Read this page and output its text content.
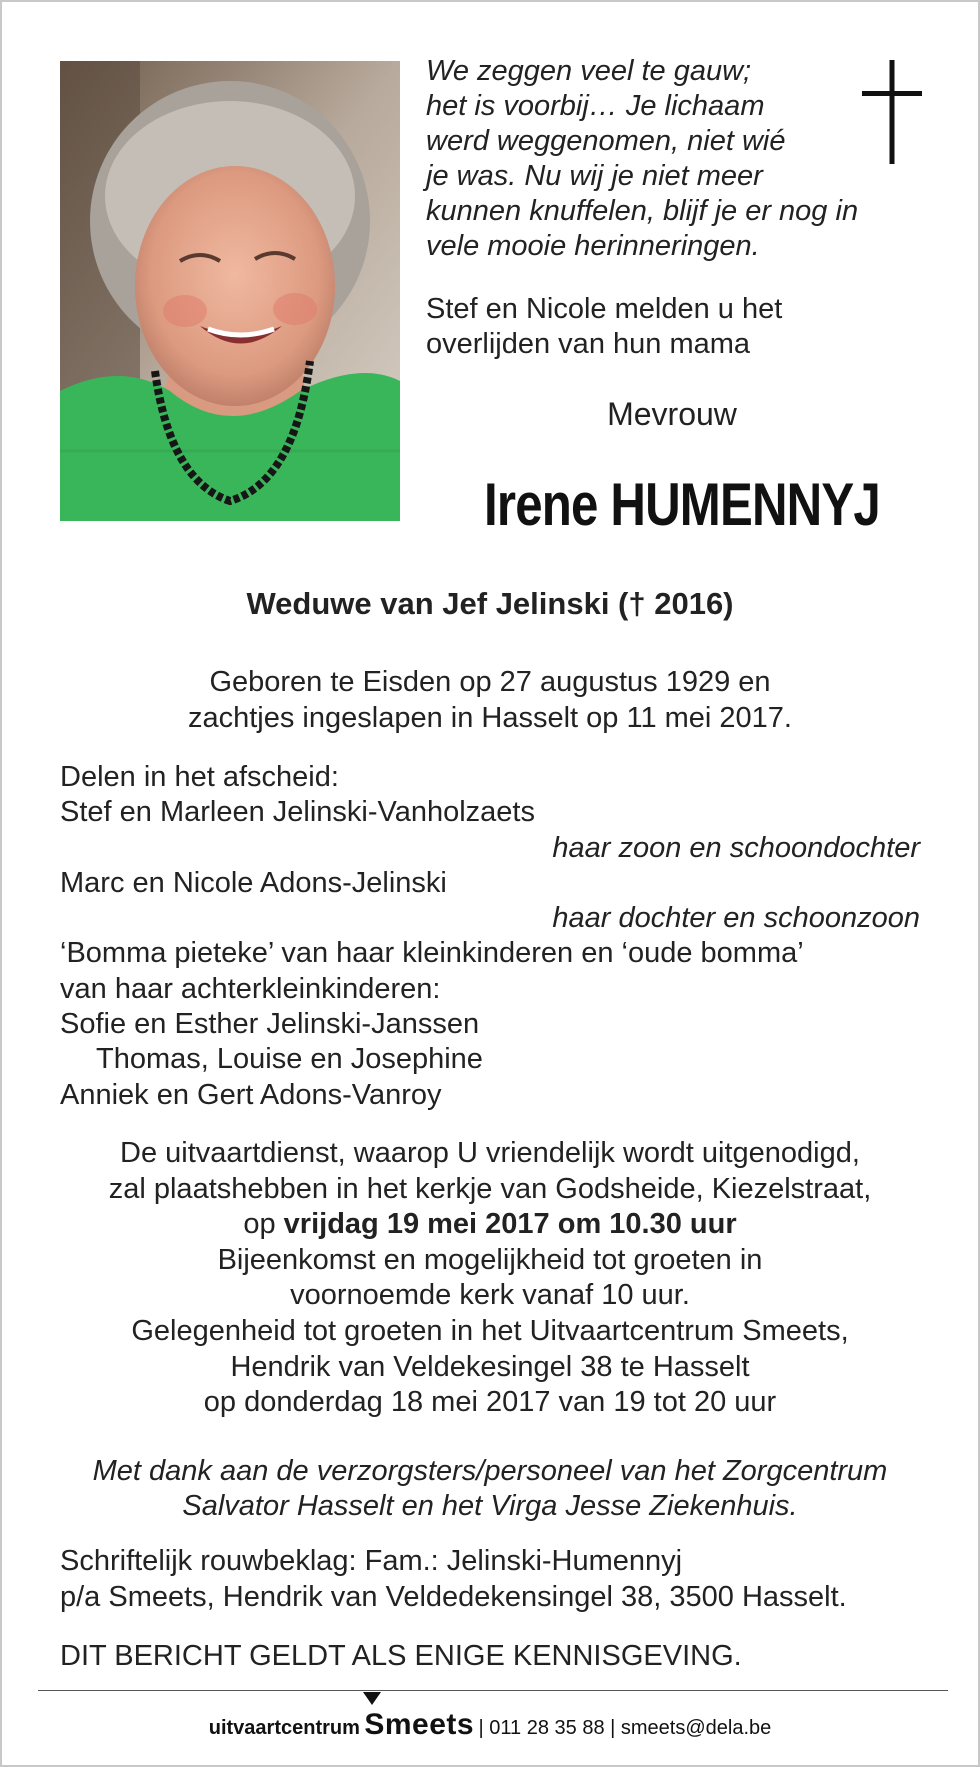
We zeggen veel te gauw;
het is voorbij… Je lichaam
werd weggenomen, niet wié
je was. Nu wij je niet meer
kunnen knuffelen, blijf je er nog in
vele mooie herinneringen.
Stef en Nicole melden u het
overlijden van hun mama
Mevrouw
Irene HUMENNYJ
Weduwe van Jef Jelinski († 2016)
Geboren te Eisden op 27 augustus 1929 en
zachtjes ingeslapen in Hasselt op 11 mei 2017.
Delen in het afscheid:
Stef en Marleen Jelinski-Vanholzaets
haar zoon en schoondochter
Marc en Nicole Adons-Jelinski
haar dochter en schoonzoon
‘Bomma pieteke’ van haar kleinkinderen en ‘oude bomma’
van haar achterkleinkinderen:
Sofie en Esther Jelinski-Janssen
Thomas, Louise en Josephine
Anniek en Gert Adons-Vanroy
De uitvaartdienst, waarop U vriendelijk wordt uitgenodigd,
zal plaatshebben in het kerkje van Godsheide, Kiezelstraat,
op vrijdag 19 mei 2017 om 10.30 uur
Bijeenkomst en mogelijkheid tot groeten in
voornoemde kerk vanaf 10 uur.
Gelegenheid tot groeten in het Uitvaartcentrum Smeets,
Hendrik van Veldekesingel 38 te Hasselt
op donderdag 18 mei 2017 van 19 tot 20 uur
Met dank aan de verzorgsters/personeel van het Zorgcentrum
Salvator Hasselt en het Virga Jesse Ziekenhuis.
Schriftelijk rouwbeklag: Fam.: Jelinski-Humennyj
p/a Smeets, Hendrik van Veldedekensingel 38, 3500 Hasselt.
DIT BERICHT GELDT ALS ENIGE KENNISGEVING.
uitvaartcentrum Smeets | 011 28 35 88 | smeets@dela.be
